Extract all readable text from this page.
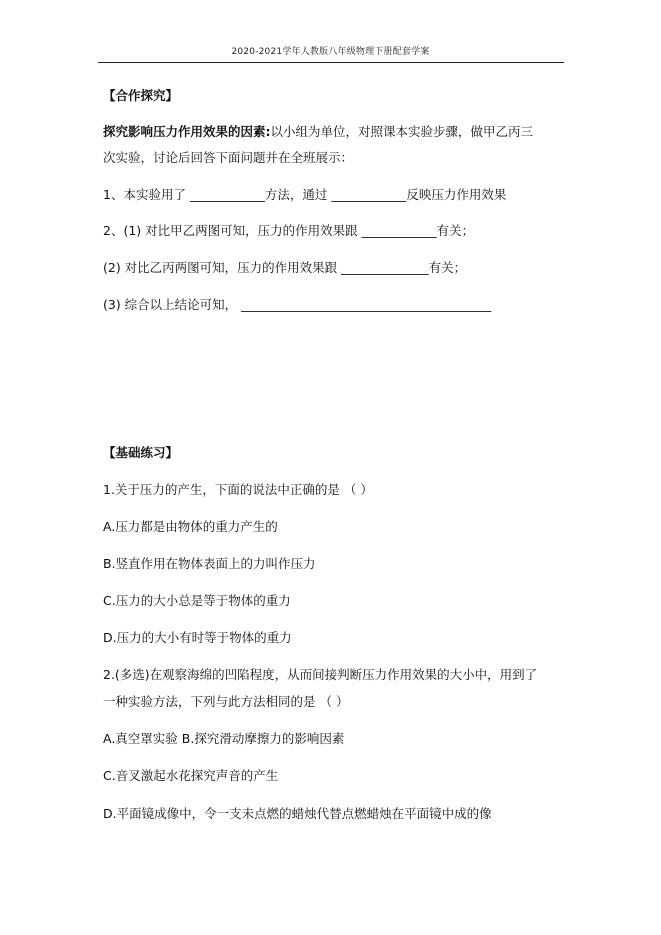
2020-2021学年人教版八年级物理下册配套学案
【合作探究】
探究影响压力作用效果的因素:以小组为单位，对照课本实验步骤，做甲乙丙三
次实验，讨论后回答下面问题并在全班展示：
1、本实验用了 ____________方法，通过 ____________反映压力作用效果
2、(1) 对比甲乙两图可知，压力的作用效果跟 ____________有关；
(2) 对比乙丙两图可知，压力的作用效果跟 ______________有关；
(3) 综合以上结论可知， ________________________________________
【基础练习】
1.关于压力的产生，下面的说法中正确的是 （ ）
A.压力都是由物体的重力产生的
B.竖直作用在物体表面上的力叫作压力
C.压力的大小总是等于物体的重力
D.压力的大小有时等于物体的重力
2.(多选)在观察海绵的凹陷程度，从而间接判断压力作用效果的大小中，用到了
一种实验方法，下列与此方法相同的是 （ ）
A.真空罩实验 B.探究滑动摩擦力的影响因素
C.音叉激起水花探究声音的产生
D.平面镜成像中，令一支未点燃的蜡烛代替点燃蜡烛在平面镜中成的像
